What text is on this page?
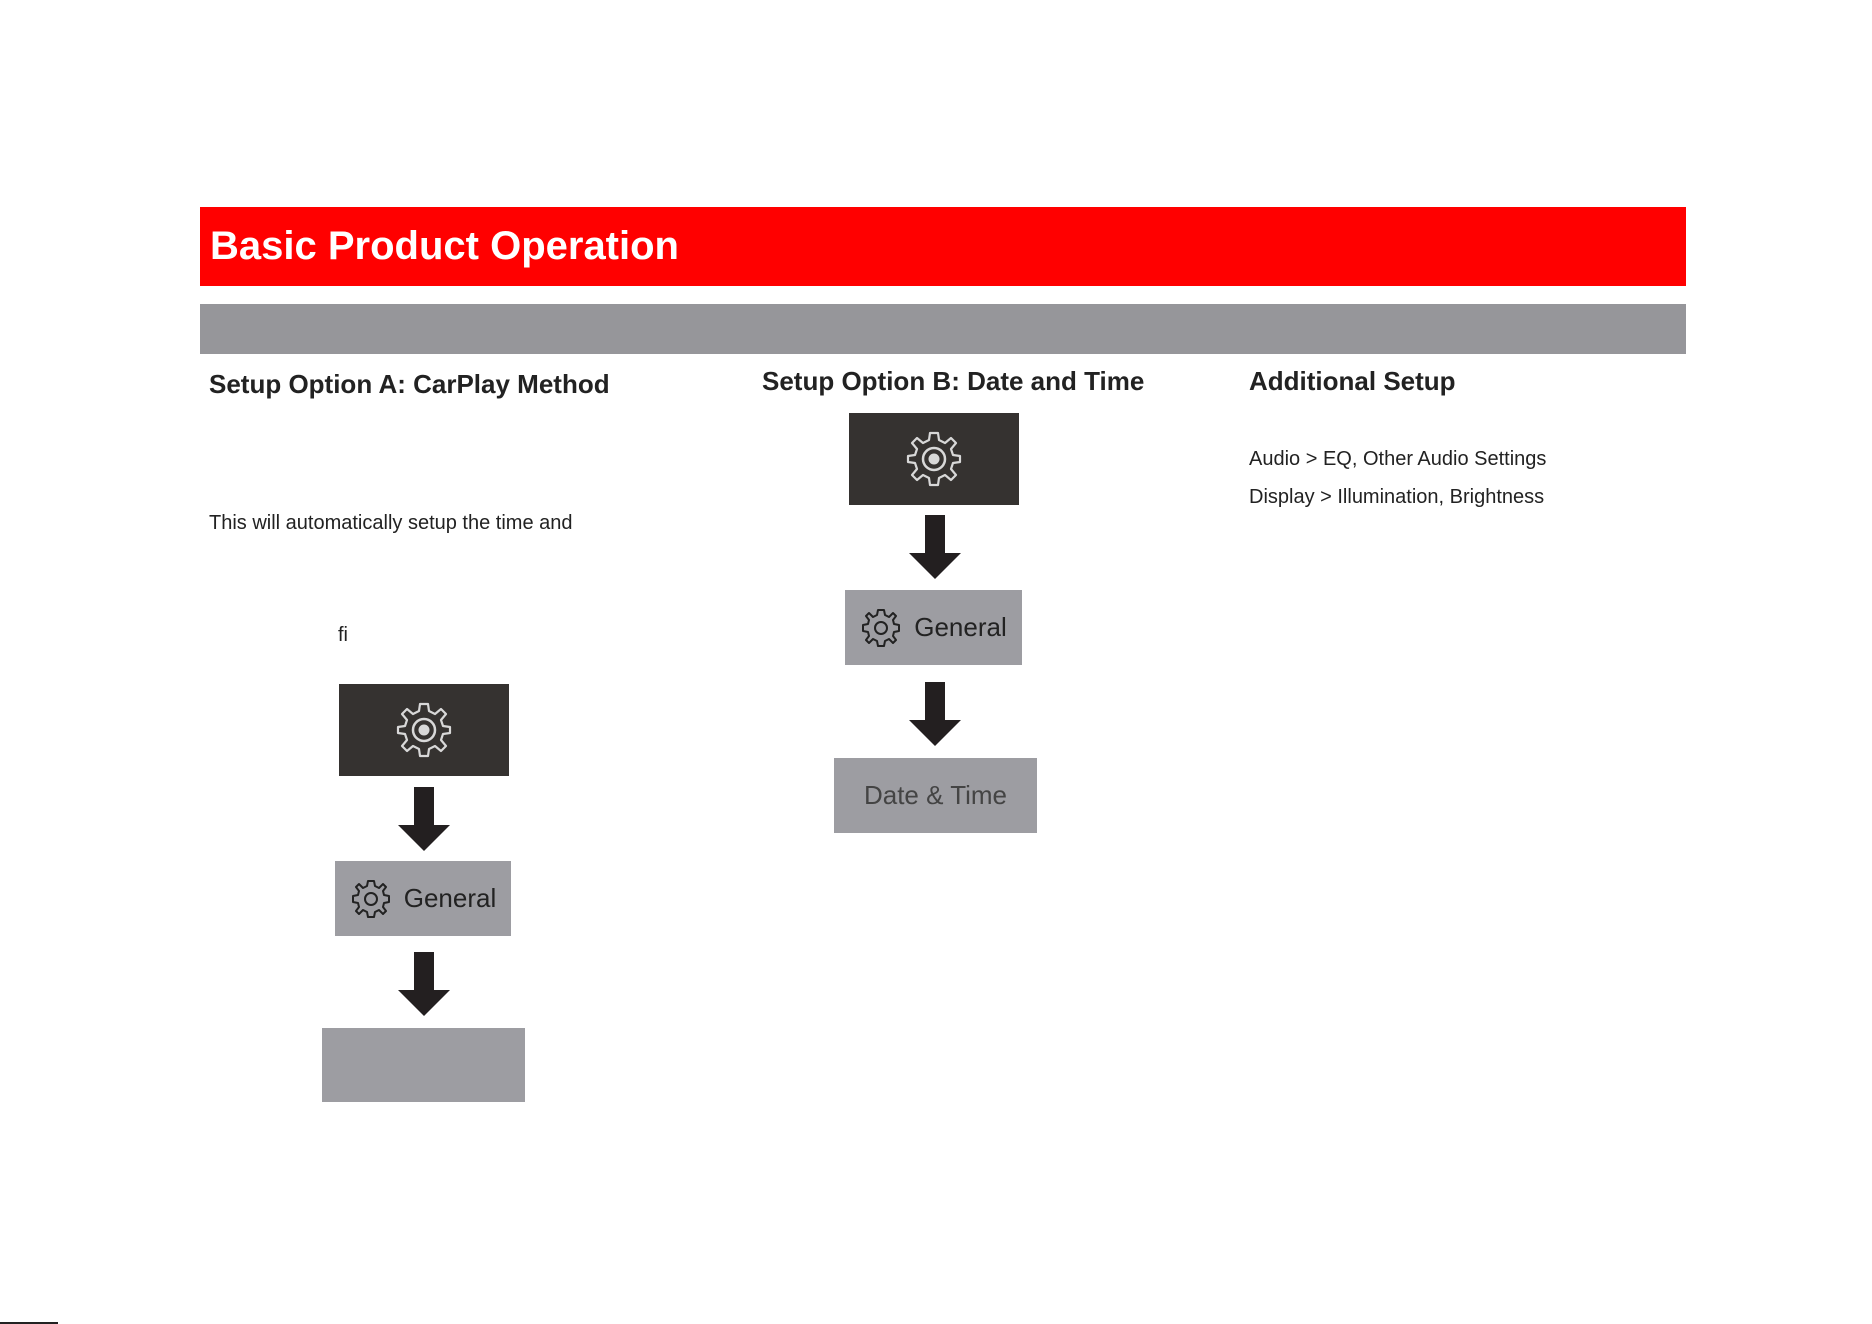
Basic Product Operation
Setup Option A: CarPlay Method
This will automatically setup the time and
fi
General
Setup Option B: Date and Time
General
Date & Time
Additional Setup
Audio > EQ, Other Audio Settings
Display > Illumination, Brightness
